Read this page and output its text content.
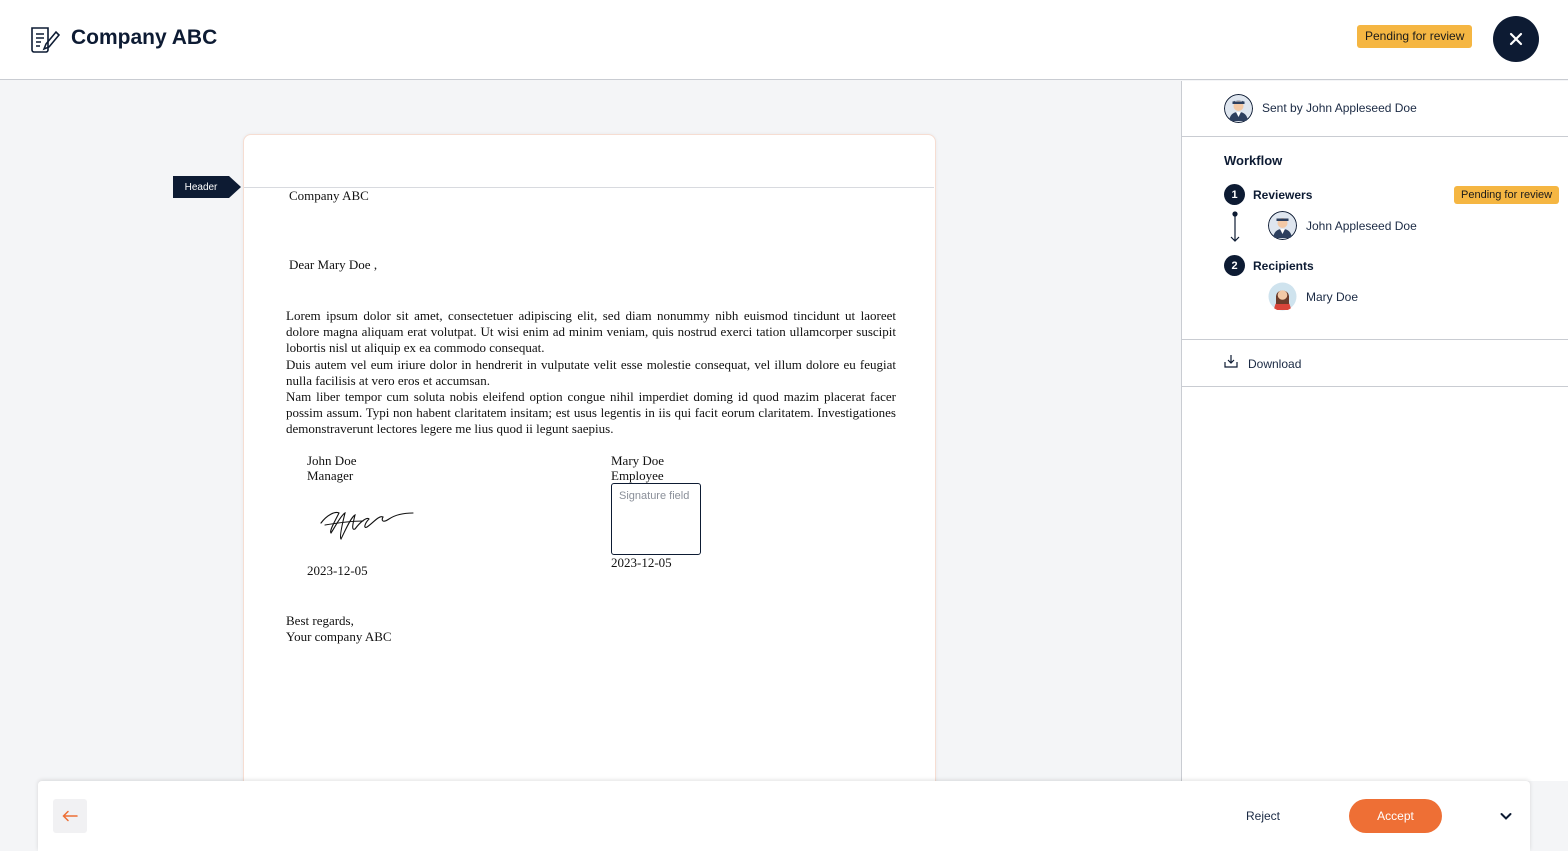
Company ABC	Pending for review
Header
Company ABC
Dear Mary Doe ,

Lorem ipsum dolor sit amet, consectetuer adipiscing elit, sed diam nonummy nibh euismod tincidunt ut laoreet dolore magna aliquam erat volutpat. Ut wisi enim ad minim veniam, quis nostrud exerci tation ullamcorper suscipit lobortis nisl ut aliquip ex ea commodo consequat.

Duis autem vel eum iriure dolor in hendrerit in vulputate velit esse molestie consequat, vel illum dolore eu feugiat nulla facilisis at vero eros et accumsan.

Nam liber tempor cum soluta nobis eleifend option congue nihil imperdiet doming id quod mazim placerat facer possim assum. Typi non habent claritatem insitam; est usus legentis in iis qui facit eorum claritatem. Investigationes demonstraverunt lectores legere me lius quod ii legunt saepius.

John Doe
Manager
2023-12-05
Mary Doe
Employee
Signature field
2023-12-05
Best regards,
Your company ABC
Sent by John Appleseed Doe
Workflow
1	Reviewers	Pending for review
John Appleseed Doe
2	Recipients
Mary Doe
Download
Reject	Accept
